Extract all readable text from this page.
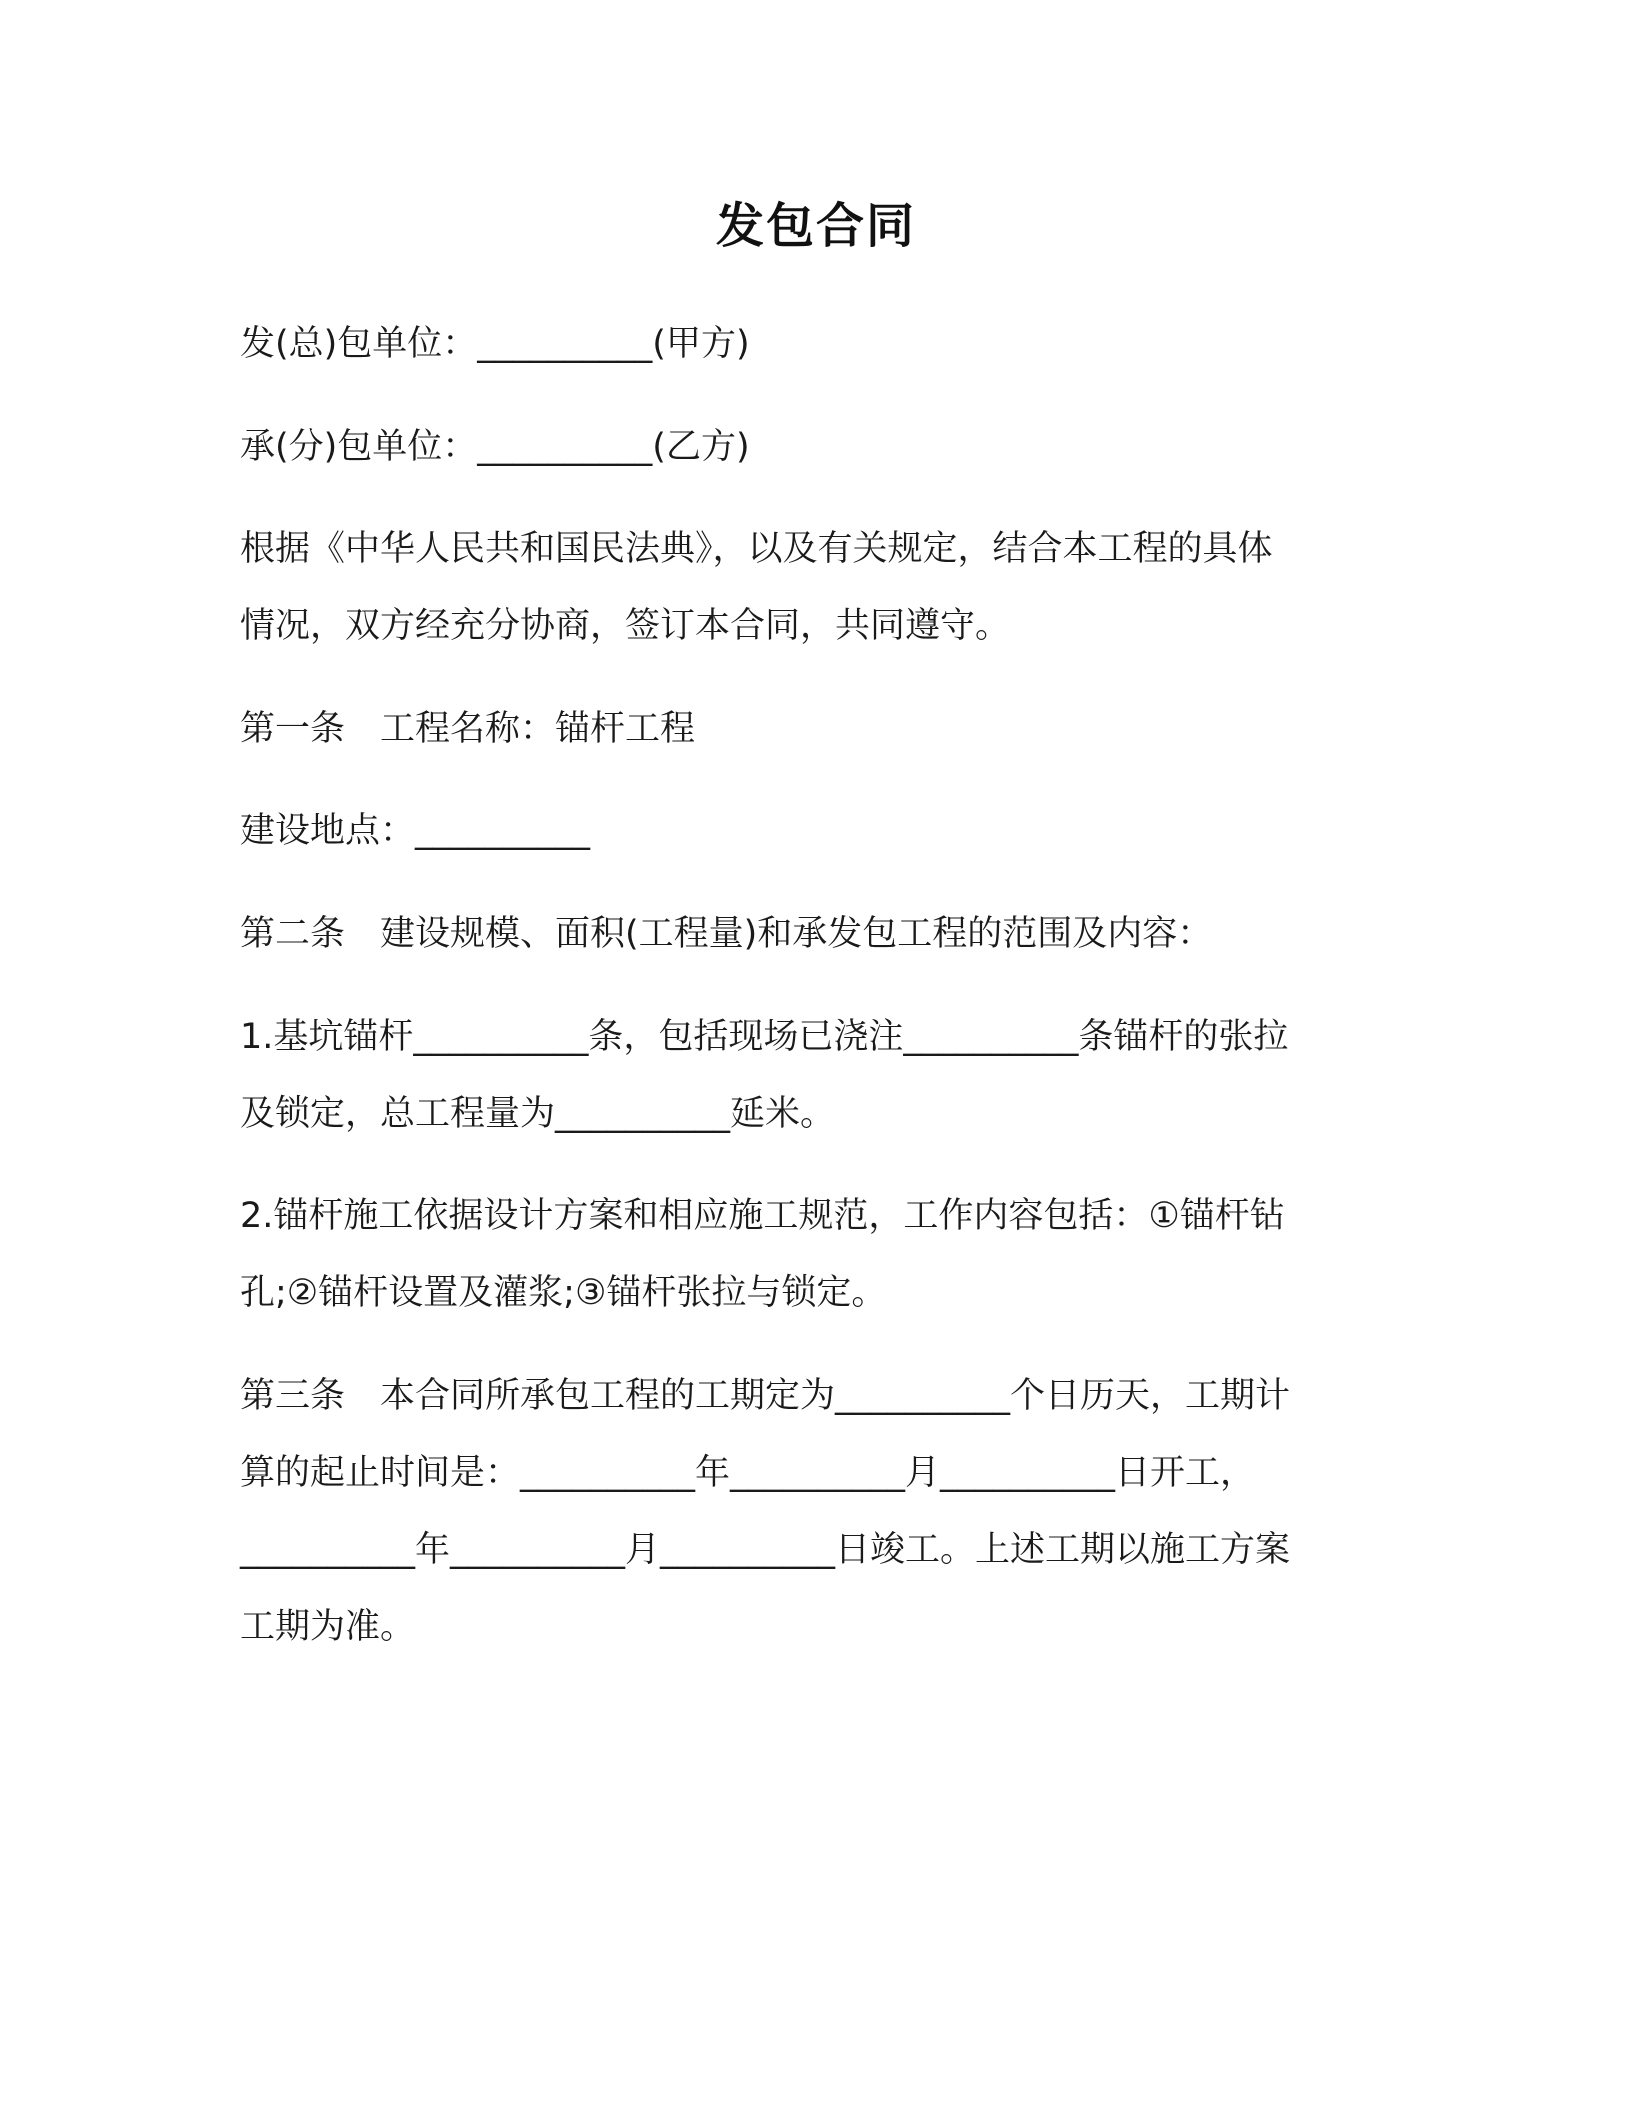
发包合同
发(总)包单位：__________(甲方)
承(分)包单位：__________(乙方)
根据《中华人民共和国民法典》，以及有关规定，结合本工程的具体
情况，双方经充分协商，签订本合同，共同遵守。
第一条　工程名称：锚杆工程
建设地点：__________
第二条　建设规模、面积(工程量)和承发包工程的范围及内容：
1.基坑锚杆__________条，包括现场已浇注__________条锚杆的张拉
及锁定，总工程量为__________延米。
2.锚杆施工依据设计方案和相应施工规范，工作内容包括：①锚杆钻
孔;②锚杆设置及灌浆;③锚杆张拉与锁定。
第三条　本合同所承包工程的工期定为__________个日历天，工期计
算的起止时间是：__________年__________月__________日开工，
__________年__________月__________日竣工。上述工期以施工方案
工期为准。
